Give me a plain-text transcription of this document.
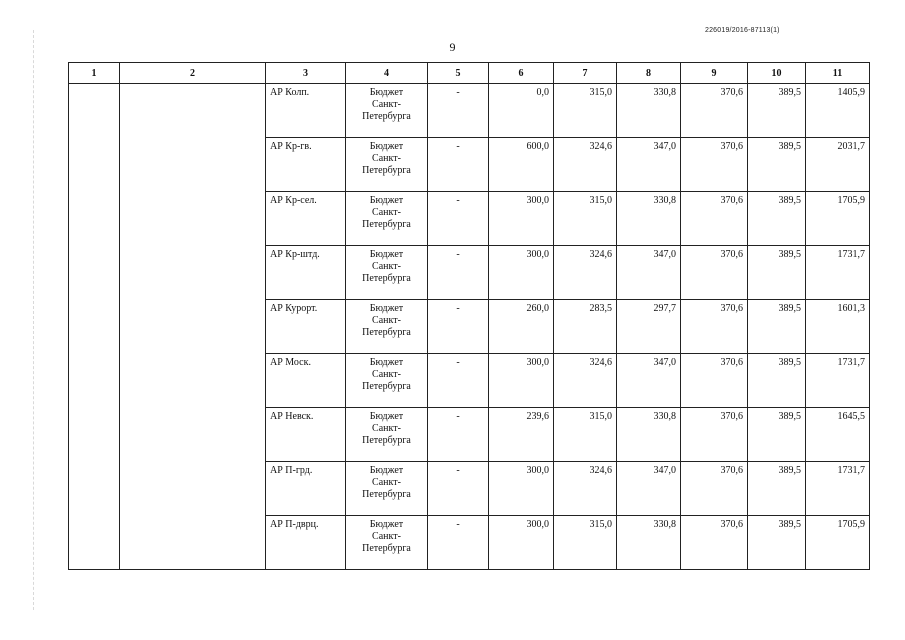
226019/2016-87113(1)
9
1	2	3	4	5	6	7	8	9	10	11
		АР Колп.	Бюджет
Санкт-
Петербурга	-	0,0	315,0	330,8	370,6	389,5	1405,9
		АР Кр-гв.	Бюджет
Санкт-
Петербурга	-	600,0	324,6	347,0	370,6	389,5	2031,7
		АР Кр-сел.	Бюджет
Санкт-
Петербурга	-	300,0	315,0	330,8	370,6	389,5	1705,9
		АР Кр-штд.	Бюджет
Санкт-
Петербурга	-	300,0	324,6	347,0	370,6	389,5	1731,7
		АР Курорт.	Бюджет
Санкт-
Петербурга	-	260,0	283,5	297,7	370,6	389,5	1601,3
		АР Моск.	Бюджет
Санкт-
Петербурга	-	300,0	324,6	347,0	370,6	389,5	1731,7
		АР Невск.	Бюджет
Санкт-
Петербурга	-	239,6	315,0	330,8	370,6	389,5	1645,5
		АР П-грд.	Бюджет
Санкт-
Петербурга	-	300,0	324,6	347,0	370,6	389,5	1731,7
		АР П-дврц.	Бюджет
Санкт-
Петербурга	-	300,0	315,0	330,8	370,6	389,5	1705,9
